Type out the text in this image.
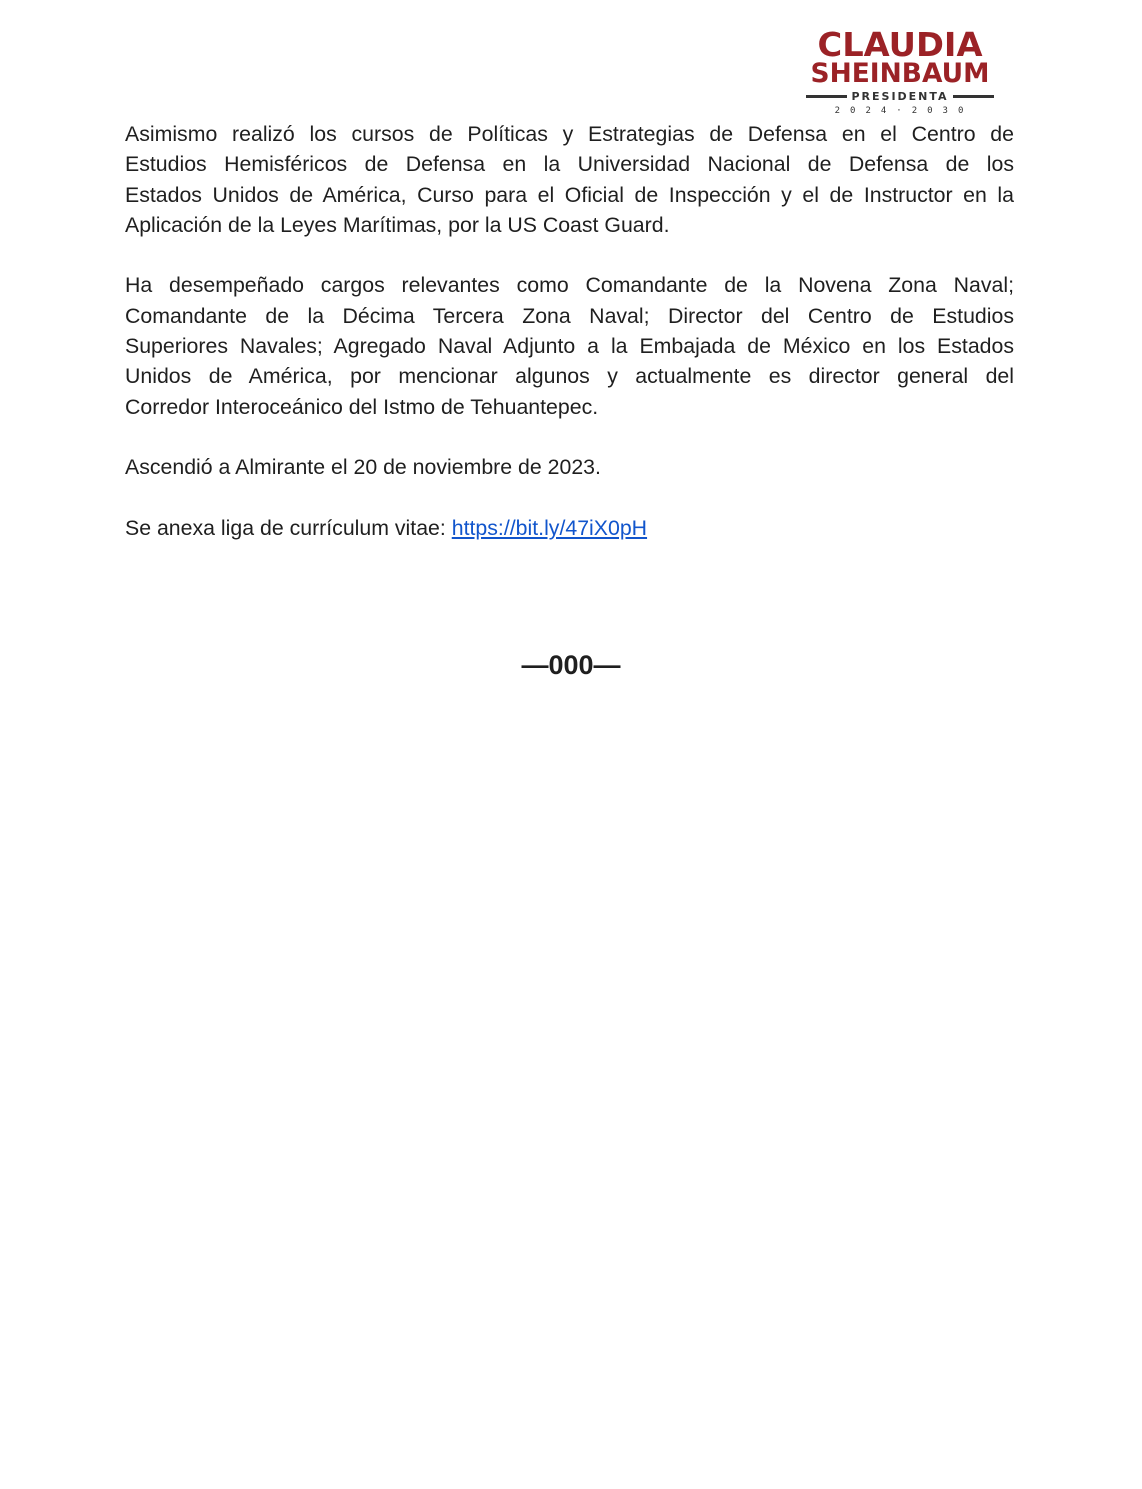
CLAUDIA
SHEINBAUM
PRESIDENTA
2024·2030

Asimismo realizó los cursos de Políticas y Estrategias de Defensa en el Centro de

Estudios Hemisféricos de Defensa en la Universidad Nacional de Defensa de los

Estados Unidos de América, Curso para el Oficial de Inspección y el de Instructor en la

Aplicación de la Leyes Marítimas, por la US Coast Guard.

Ha desempeñado cargos relevantes como Comandante de la Novena Zona Naval;

Comandante de la Décima Tercera Zona Naval; Director del Centro de Estudios

Superiores Navales; Agregado Naval Adjunto a la Embajada de México en los Estados

Unidos de América, por mencionar algunos y actualmente es director general del

Corredor Interoceánico del Istmo de Tehuantepec.

Ascendió a Almirante el 20 de noviembre de 2023.

Se anexa liga de currículum vitae: https://bit.ly/47iX0pH

—000—
